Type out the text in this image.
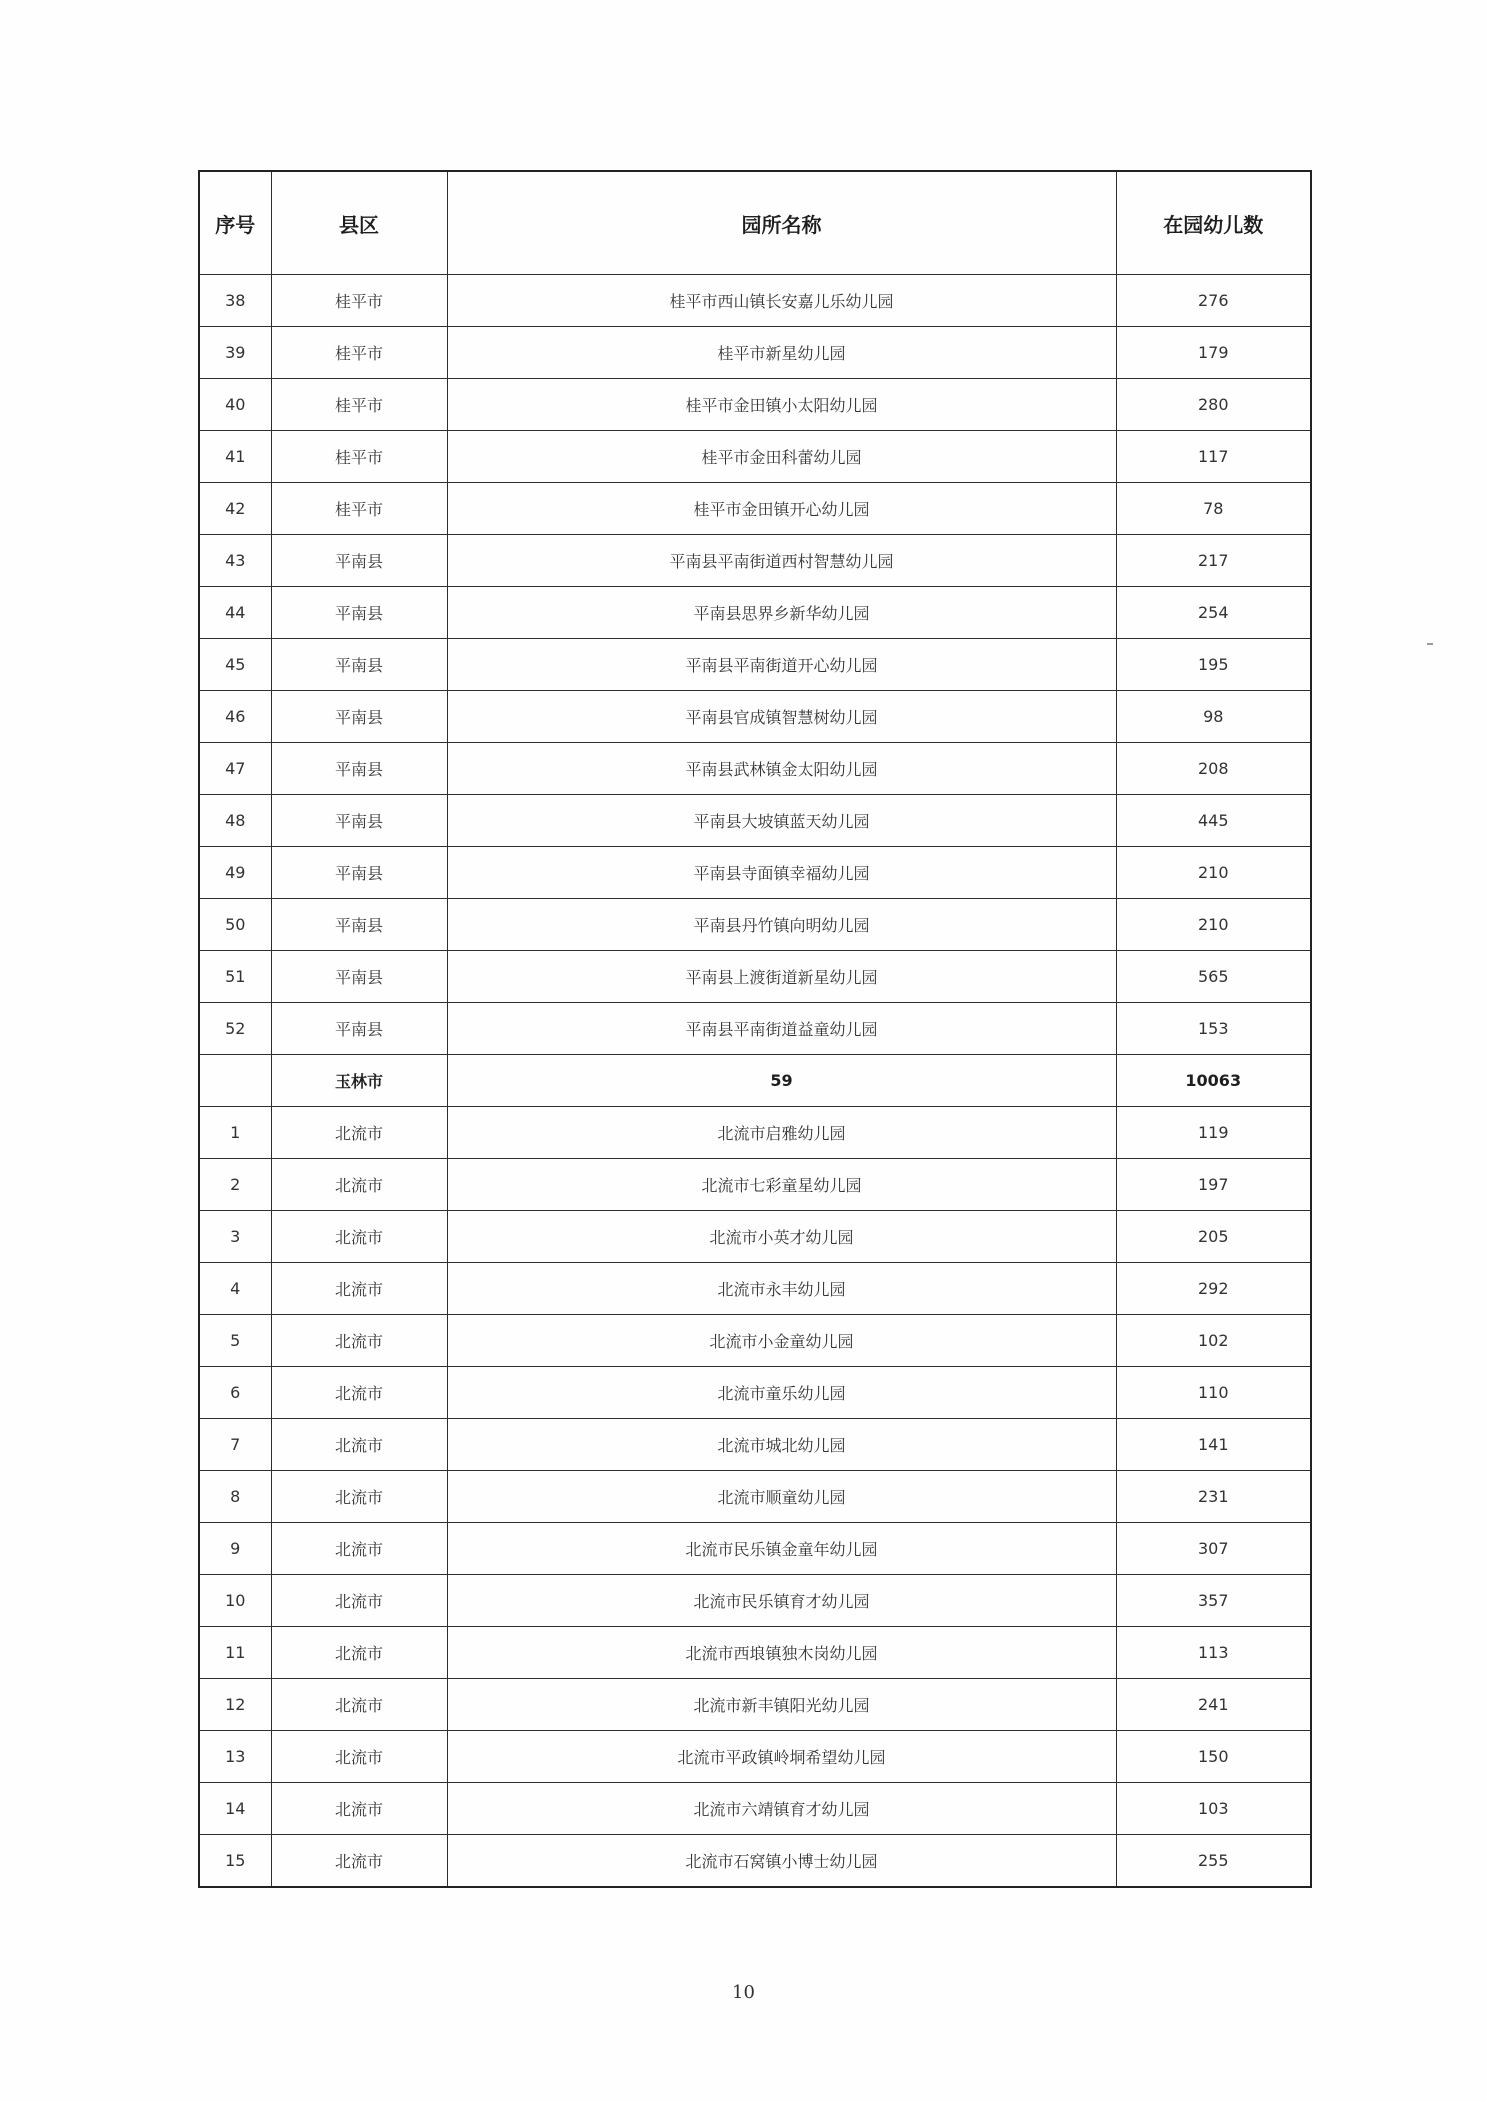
序号	县区	园所名称	在园幼儿数
38	桂平市	桂平市西山镇长安嘉儿乐幼儿园	276
39	桂平市	桂平市新星幼儿园	179
40	桂平市	桂平市金田镇小太阳幼儿园	280
41	桂平市	桂平市金田科蕾幼儿园	117
42	桂平市	桂平市金田镇开心幼儿园	78
43	平南县	平南县平南街道西村智慧幼儿园	217
44	平南县	平南县思界乡新华幼儿园	254
45	平南县	平南县平南街道开心幼儿园	195
46	平南县	平南县官成镇智慧树幼儿园	98
47	平南县	平南县武林镇金太阳幼儿园	208
48	平南县	平南县大坡镇蓝天幼儿园	445
49	平南县	平南县寺面镇幸福幼儿园	210
50	平南县	平南县丹竹镇向明幼儿园	210
51	平南县	平南县上渡街道新星幼儿园	565
52	平南县	平南县平南街道益童幼儿园	153
	玉林市	59	10063
1	北流市	北流市启雅幼儿园	119
2	北流市	北流市七彩童星幼儿园	197
3	北流市	北流市小英才幼儿园	205
4	北流市	北流市永丰幼儿园	292
5	北流市	北流市小金童幼儿园	102
6	北流市	北流市童乐幼儿园	110
7	北流市	北流市城北幼儿园	141
8	北流市	北流市顺童幼儿园	231
9	北流市	北流市民乐镇金童年幼儿园	307
10	北流市	北流市民乐镇育才幼儿园	357
11	北流市	北流市西埌镇独木岗幼儿园	113
12	北流市	北流市新丰镇阳光幼儿园	241
13	北流市	北流市平政镇岭垌希望幼儿园	150
14	北流市	北流市六靖镇育才幼儿园	103
15	北流市	北流市石窝镇小博士幼儿园	255
10
